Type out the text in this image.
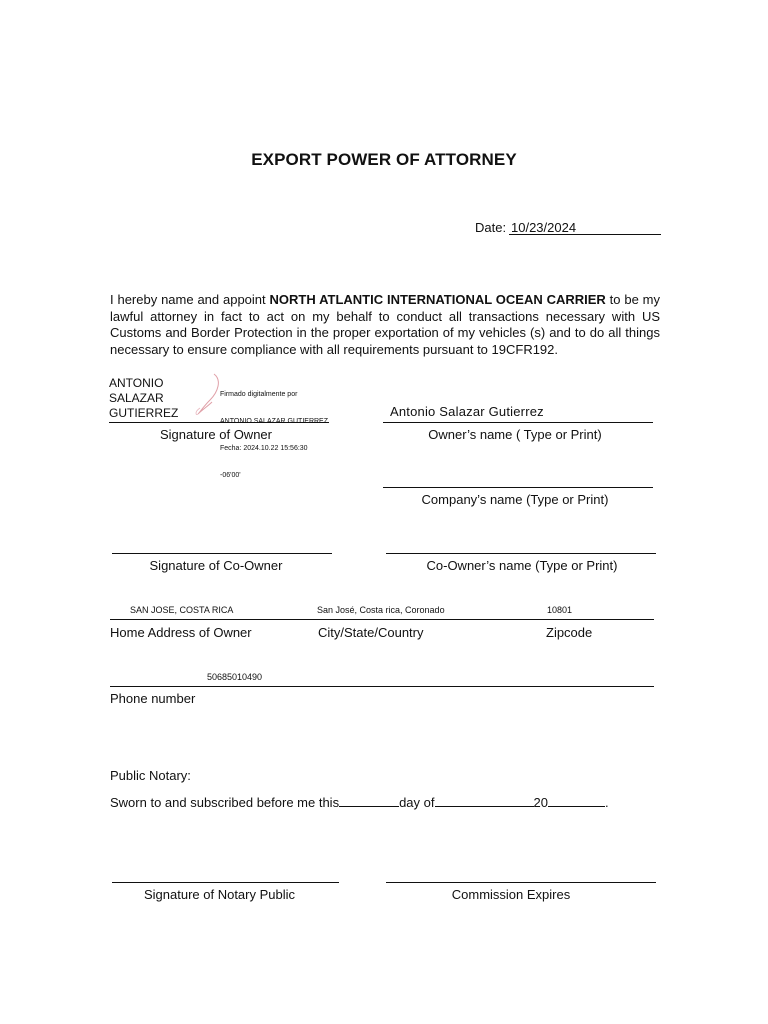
EXPORT POWER OF ATTORNEY
Date: 10/23/2024
I hereby name and appoint NORTH ATLANTIC INTERNATIONAL OCEAN CARRIER to be my lawful attorney in fact to act on my behalf to conduct all transactions necessary with US Customs and Border Protection in the proper exportation of my vehicles (s) and to do all things necessary to ensure compliance with all requirements pursuant to 19CFR192.
ANTONIO SALAZAR
GUTIERREZ

Firmado digitalmente por

ANTONIO SALAZAR GUTIERREZ

Fecha: 2024.10.22 15:56:30

-06'00'

Antonio Salazar Gutierrez
Signature of Owner	Owner’s name ( Type or Print)
Company’s name (Type or Print)
Signature of Co-Owner	Co-Owner’s name (Type or Print)
SAN JOSE, COSTA RICA	San José, Costa rica, Coronado	10801
Home Address of Owner	City/State/Country	Zipcode
50685010490
Phone number
Public Notary:
Sworn to and subscribed before me this	day of	20	.
Signature of Notary Public	Commission Expires
